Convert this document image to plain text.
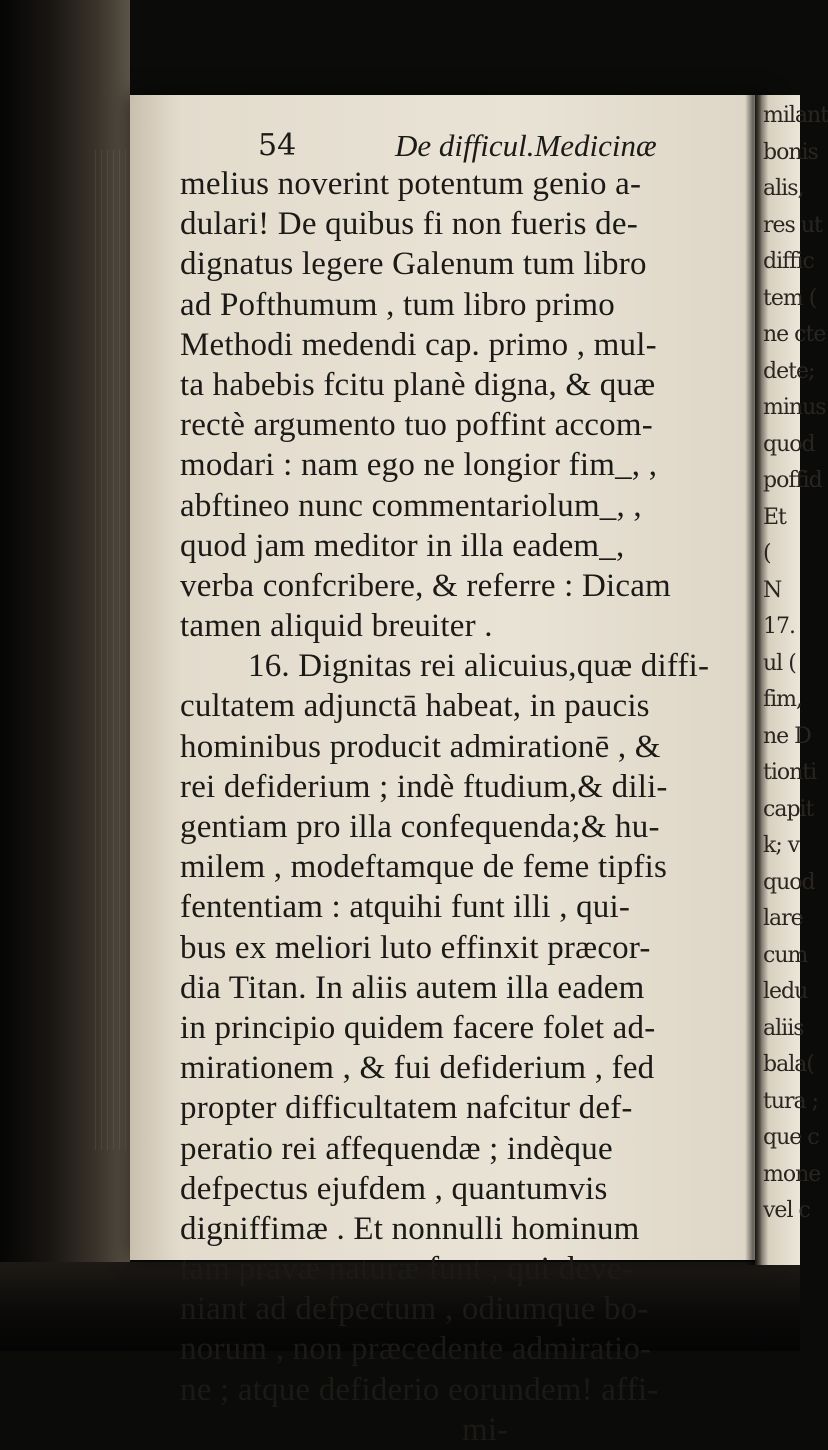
milant
bonis
alis,
res ut
diffic
tem (
ne cte
dete;
minus
quod
poffid
Et
(
N
17.
ul (
fim,
ne D
tionti
capit
k; v
quod
lare
cum
ledu
aliis
bala(
tura ;
que c
mone
vel c
54	De difficul.Medicinæ
melius noverint potentum genio a-
dulari! De quibus fi non fueris de-
dignatus legere Galenum tum libro
ad Pofthumum , tum libro primo
Methodi medendi cap. primo , mul-
ta habebis fcitu planè digna, & quæ
rectè argumento tuo poffint accom-
modari : nam ego ne longior fim_, ,
abftineo nunc commentariolum_, ,
quod jam meditor in illa eadem_,
verba confcribere, & referre : Dicam
tamen aliquid breuiter .
16. Dignitas rei alicuius,quæ diffi-
cultatem adjunctā habeat, in paucis
hominibus producit admirationē , &
rei defiderium ; indè ftudium,& dili-
gentiam pro illa confequenda;& hu-
milem , modeftamque de feme tipfis
fententiam : atquihi funt illi , qui-
bus ex meliori luto effinxit præcor-
dia Titan. In aliis autem illa eadem
in principio quidem facere folet ad-
mirationem , & fui defiderium , fed
propter difficultatem nafcitur def-
peratio rei affequendæ ; indèque
defpectus ejufdem , quantumvis
digniffimæ . Et nonnulli hominum
tam pravæ naturæ funt , qui deve-
niant ad defpectum , odiumque bo-
norum , non præcedente admiratio-
ne ; atque defiderio eorundem! affi-
mi-
